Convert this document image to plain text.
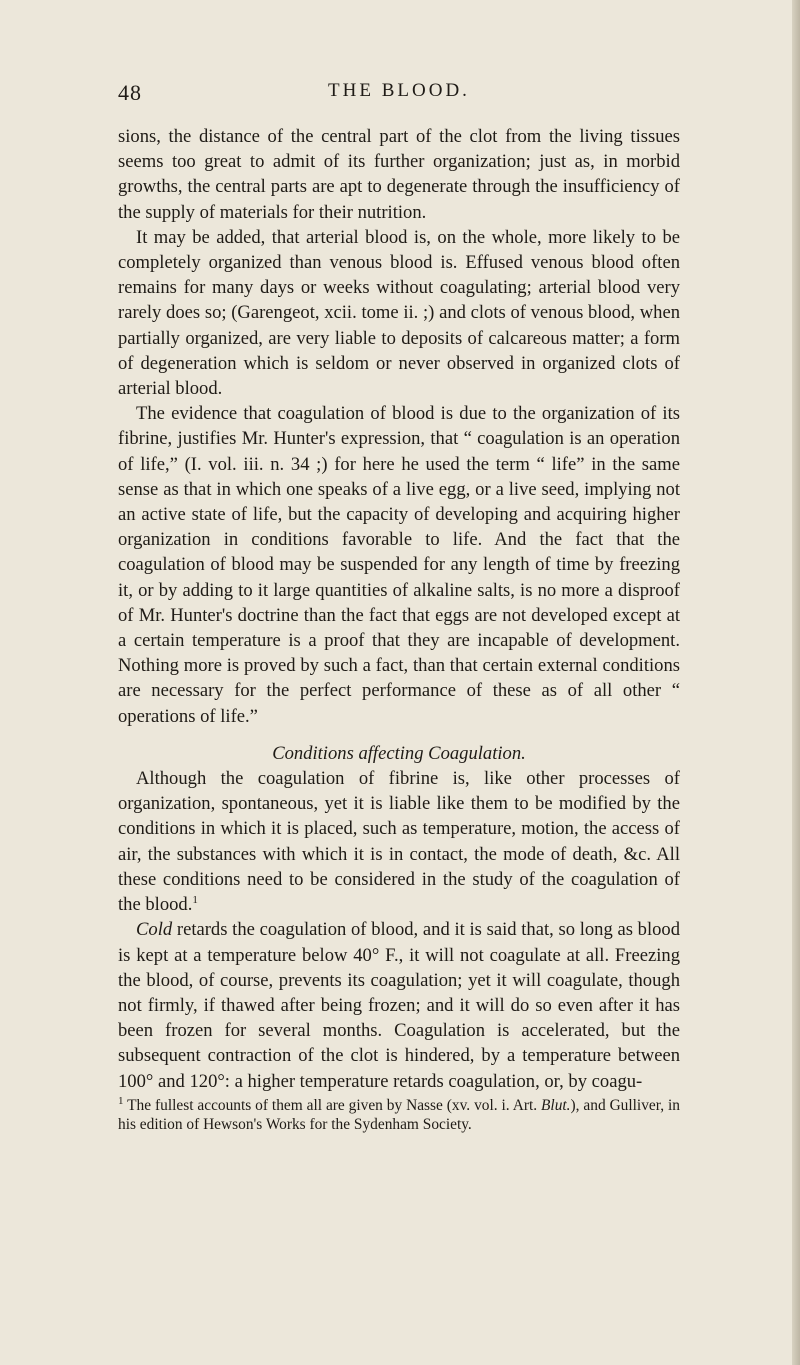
48	THE BLOOD.

sions, the distance of the central part of the clot from the living tissues seems too great to admit of its further organization; just as, in morbid growths, the central parts are apt to degenerate through the insufficiency of the supply of materials for their nutrition.

It may be added, that arterial blood is, on the whole, more likely to be completely organized than venous blood is. Effused venous blood often remains for many days or weeks without coagulating; arterial blood very rarely does so; (Garengeot, xcii. tome ii. ;) and clots of venous blood, when partially organized, are very liable to deposits of calcareous matter; a form of degeneration which is seldom or never observed in organized clots of arterial blood.

The evidence that coagulation of blood is due to the organization of its fibrine, justifies Mr. Hunter's expression, that “ coagulation is an operation of life,” (I. vol. iii. n. 34 ;) for here he used the term “ life” in the same sense as that in which one speaks of a live egg, or a live seed, implying not an active state of life, but the capacity of developing and acquiring higher organization in conditions favorable to life. And the fact that the coagulation of blood may be suspended for any length of time by freezing it, or by adding to it large quantities of alkaline salts, is no more a disproof of Mr. Hunter's doctrine than the fact that eggs are not developed except at a certain temperature is a proof that they are incapable of development. Nothing more is proved by such a fact, than that certain external conditions are necessary for the perfect performance of these as of all other “ operations of life.”

Conditions affecting Coagulation.

Although the coagulation of fibrine is, like other processes of organization, spontaneous, yet it is liable like them to be modified by the conditions in which it is placed, such as temperature, motion, the access of air, the substances with which it is in contact, the mode of death, &c. All these conditions need to be considered in the study of the coagulation of the blood.$^1$

Cold retards the coagulation of blood, and it is said that, so long as blood is kept at a temperature below 40° F., it will not coagulate at all. Freezing the blood, of course, prevents its coagulation; yet it will coagulate, though not firmly, if thawed after being frozen; and it will do so even after it has been frozen for several months. Coagulation is accelerated, but the subsequent contraction of the clot is hindered, by a temperature between 100° and 120°: a higher temperature retards coagulation, or, by coagu-

$^1$ The fullest accounts of them all are given by Nasse (xv. vol. i. Art. Blut.), and Gulliver, in his edition of Hewson's Works for the Sydenham Society.
